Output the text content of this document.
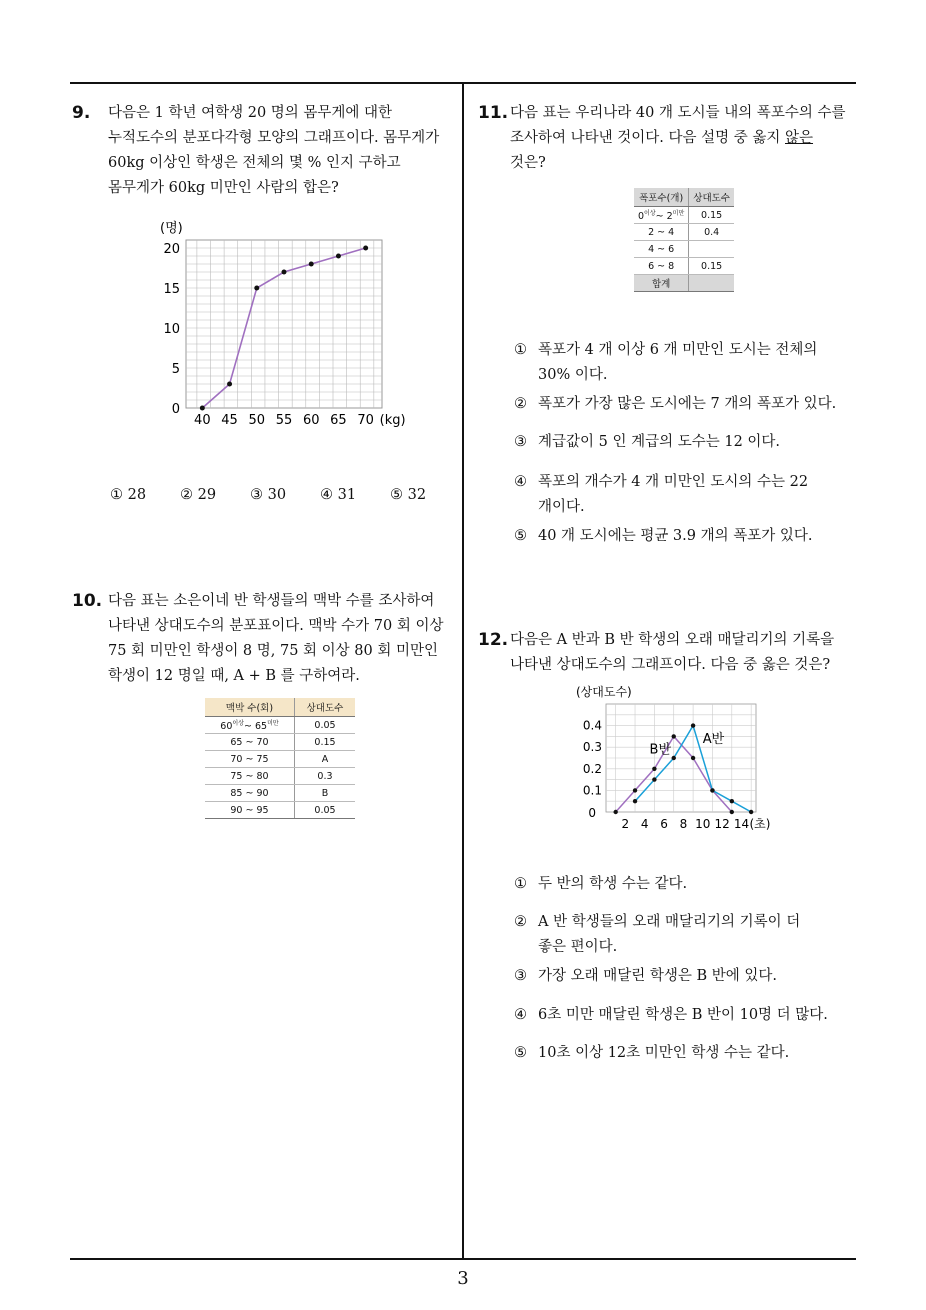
9. 다음은 1 학년 여학생 20 명의 몸무게에 대한
누적도수의 분포다각형 모양의 그래프이다. 몸무게가
60kg 이상인 학생은 전체의 몇 % 인지 구하고
몸무게가 60kg 미만인 사람의 합은?
0
5
10
15
20
40 45 50 55 60 65 70 (kg)
(명)
① 28 ② 29 ③ 30 ④ 31 ⑤ 32
10. 다음 표는 소은이네 반 학생들의 맥박 수를 조사하여
나타낸 상대도수의 분포표이다. 맥박 수가 70 회 이상
75 회 미만인 학생이 8 명, 75 회 이상 80 회 미만인
학생이 12 명일 때, A + B 를 구하여라.
맥박 수(회)	상대도수
$60^{이상}\sim$ $65^{미만}$	0.05
65 ~ 70	0.15
70 ~ 75	A
75 ~ 80	0.3
85 ~ 90	B
90 ~ 95	0.05
11. 다음 표는 우리나라 40 개 도시들 내의 폭포수의 수를
조사하여 나타낸 것이다. 다음 설명 중 옳지 않은
것은?
폭포수(개)	상대도수
$0^{이상}\sim$ $2^{미만}$	0.15
2 ~ 4	0.4
4 ~ 6	
6 ~ 8	0.15
합계	
① 폭포가 4 개 이상 6 개 미만인 도시는 전체의
30% 이다.
② 폭포가 가장 많은 도시에는 7 개의 폭포가 있다.
③ 계급값이 5 인 계급의 도수는 12 이다.
④ 폭포의 개수가 4 개 미만인 도시의 수는 22
개이다.
⑤ 40 개 도시에는 평균 3.9 개의 폭포가 있다.
12. 다음은 A 반과 B 반 학생의 오래 매달리기의 기록을
나타낸 상대도수의 그래프이다. 다음 중 옳은 것은?
0.1
0.2
0.3
0.4
0
2 4 6 8 10 12 14 (초)
(상대도수)
B반
A반
① 두 반의 학생 수는 같다.
② A 반 학생들의 오래 매달리기의 기록이 더
좋은 편이다.
③ 가장 오래 매달린 학생은 B 반에 있다.
④ 6초 미만 매달린 학생은 B 반이 10명 더 많다.
⑤ 10초 이상 12초 미만인 학생 수는 같다.
3
